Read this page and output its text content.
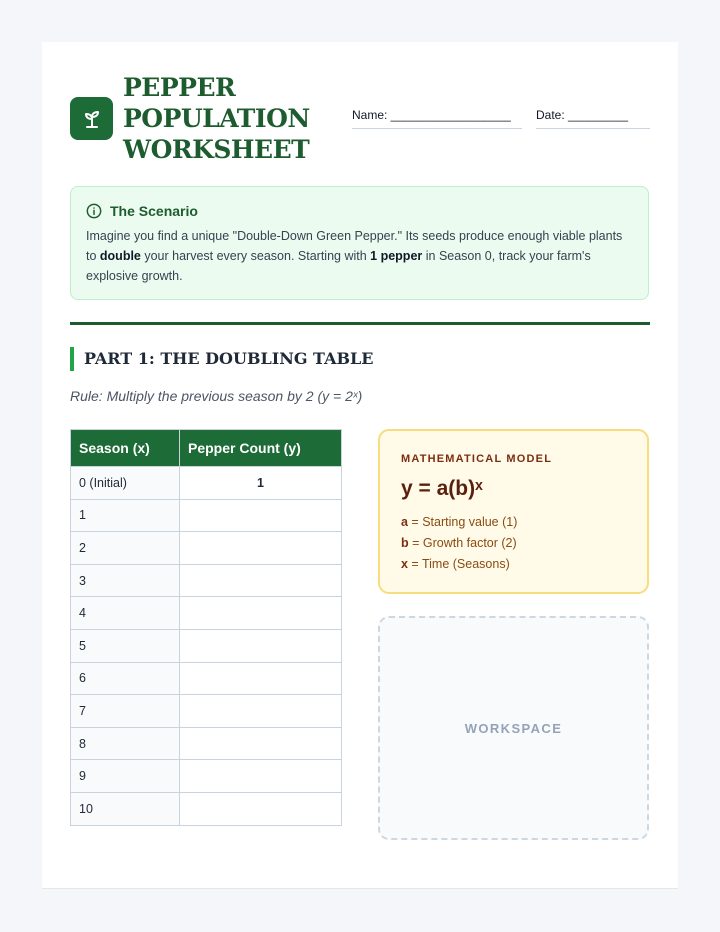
PEPPER POPULATION WORKSHEET
Name: __________________	Date: _________
The Scenario

Imagine you find a unique "Double-Down Green Pepper." Its seeds produce enough viable plants to double your harvest every season. Starting with 1 pepper in Season 0, track your farm's explosive growth.

PART 1: THE DOUBLING TABLE
Rule: Multiply the previous season by 2 (y = 2ˣ)
Season (x)	Pepper Count (y)
0 (Initial)	1
1	
2	
3	
4	
5	
6	
7	
8	
9	
10	
MATHEMATICAL MODEL
y = a(b)ˣ
a = Starting value (1)
b = Growth factor (2)
x = Time (Seasons)
WORKSPACE
